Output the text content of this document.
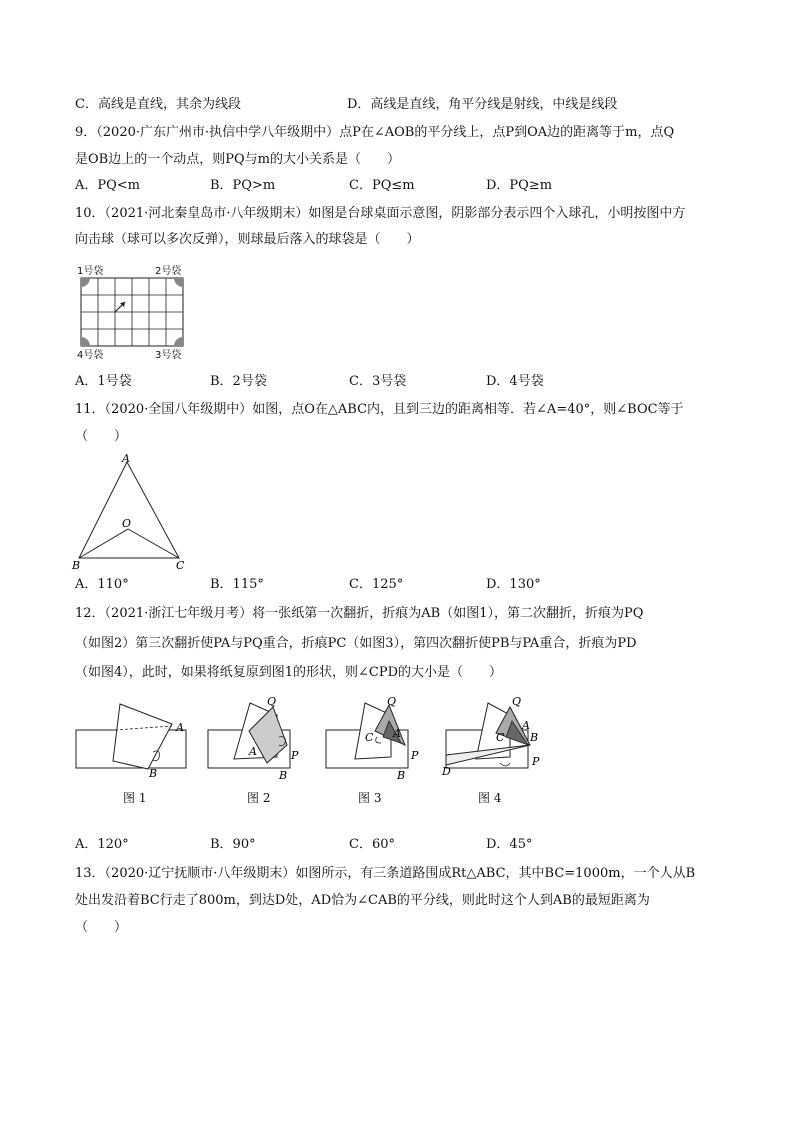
C．高线是直线，其余为线段	D．高线是直线，角平分线是射线，中线是线段
9．（2020·广东广州市·执信中学八年级期中）点P在∠AOB的平分线上，点P到OA边的距离等于m，点Q
是OB边上的一个动点，则PQ与m的大小关系是（　　）
A．PQ<m	B．PQ>m	C．PQ≤m	D．PQ≥m
10．（2021·河北秦皇岛市·八年级期末）如图是台球桌面示意图，阴影部分表示四个入球孔，小明按图中方
向击球（球可以多次反弹），则球最后落入的球袋是（　　）
1号袋	2号袋
4号袋	3号袋
A．1号袋	B．2号袋	C．3号袋	D．4号袋
11．（2020·全国八年级期中）如图，点O在△ABC内，且到三边的距离相等．若∠A=40°，则∠BOC等于
（　　）
A
O
B	C
A．110°	B．115°	C．125°	D．130°
12．（2021·浙江七年级月考）将一张纸第一次翻折，折痕为AB（如图1），第二次翻折，折痕为PQ
（如图2）第三次翻折使PA与PQ重合，折痕PC（如图3），第四次翻折使PB与PA重合，折痕为PD
（如图4），此时，如果将纸复原到图1的形状，则∠CPD的大小是（　　）
A
B
图 1
Q
A	P
B
图 2
Q
C A
P
B
图 3
Q
C
A
B
P
D
图 4
A．120°	B．90°	C．60°	D．45°
13．（2020·辽宁抚顺市·八年级期末）如图所示，有三条道路围成Rt△ABC，其中BC=1000m，一个人从B
处出发沿着BC行走了800m，到达D处，AD恰为∠CAB的平分线，则此时这个人到AB的最短距离为
（　　）
